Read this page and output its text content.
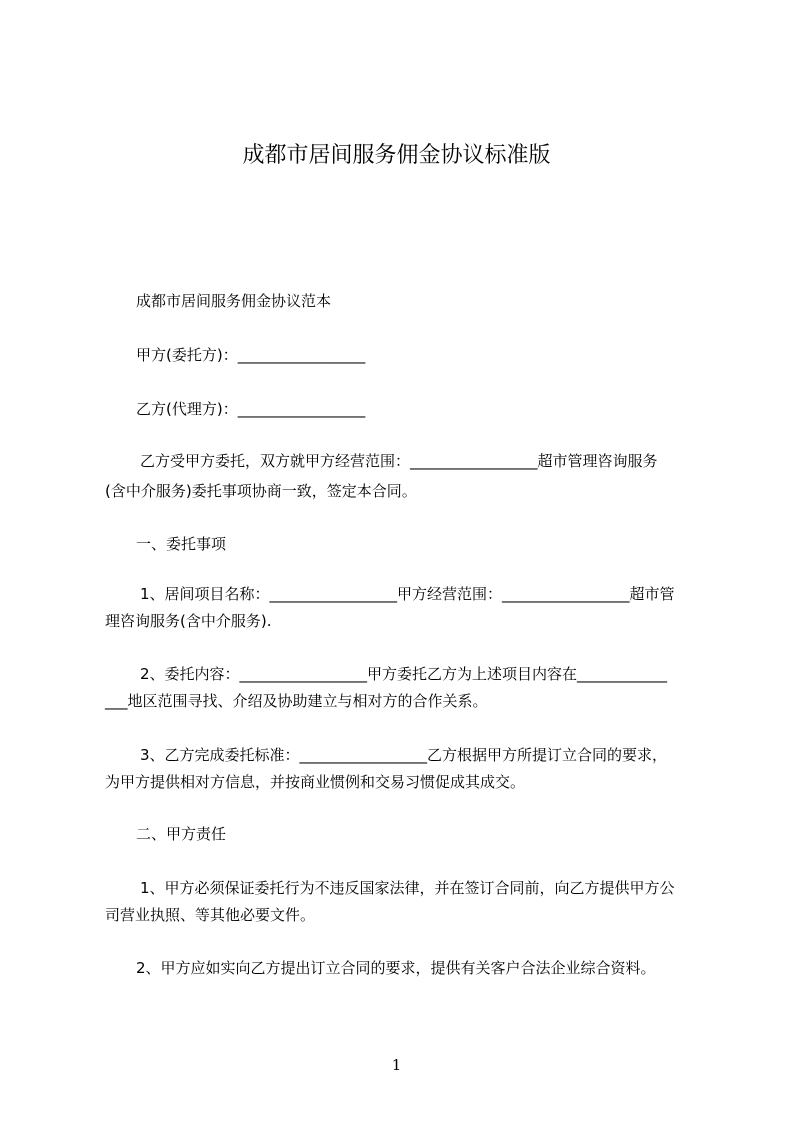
成都市居间服务佣金协议标准版
成都市居间服务佣金协议范本
甲方(委托方)：_________________
乙方(代理方)：_________________
乙方受甲方委托，双方就甲方经营范围：_________________超市管理咨询服务
(含中介服务)委托事项协商一致，签定本合同。
一、委托事项
1、居间项目名称：_________________甲方经营范围：_________________超市管
理咨询服务(含中介服务).
2、委托内容：_________________甲方委托乙方为上述项目内容在____________
___地区范围寻找、介绍及协助建立与相对方的合作关系。
3、乙方完成委托标准：_________________乙方根据甲方所提订立合同的要求，
为甲方提供相对方信息，并按商业惯例和交易习惯促成其成交。
二、甲方责任
1、甲方必须保证委托行为不违反国家法律，并在签订合同前，向乙方提供甲方公
司营业执照、等其他必要文件。
2、甲方应如实向乙方提出订立合同的要求，提供有关客户合法企业综合资料。
1
